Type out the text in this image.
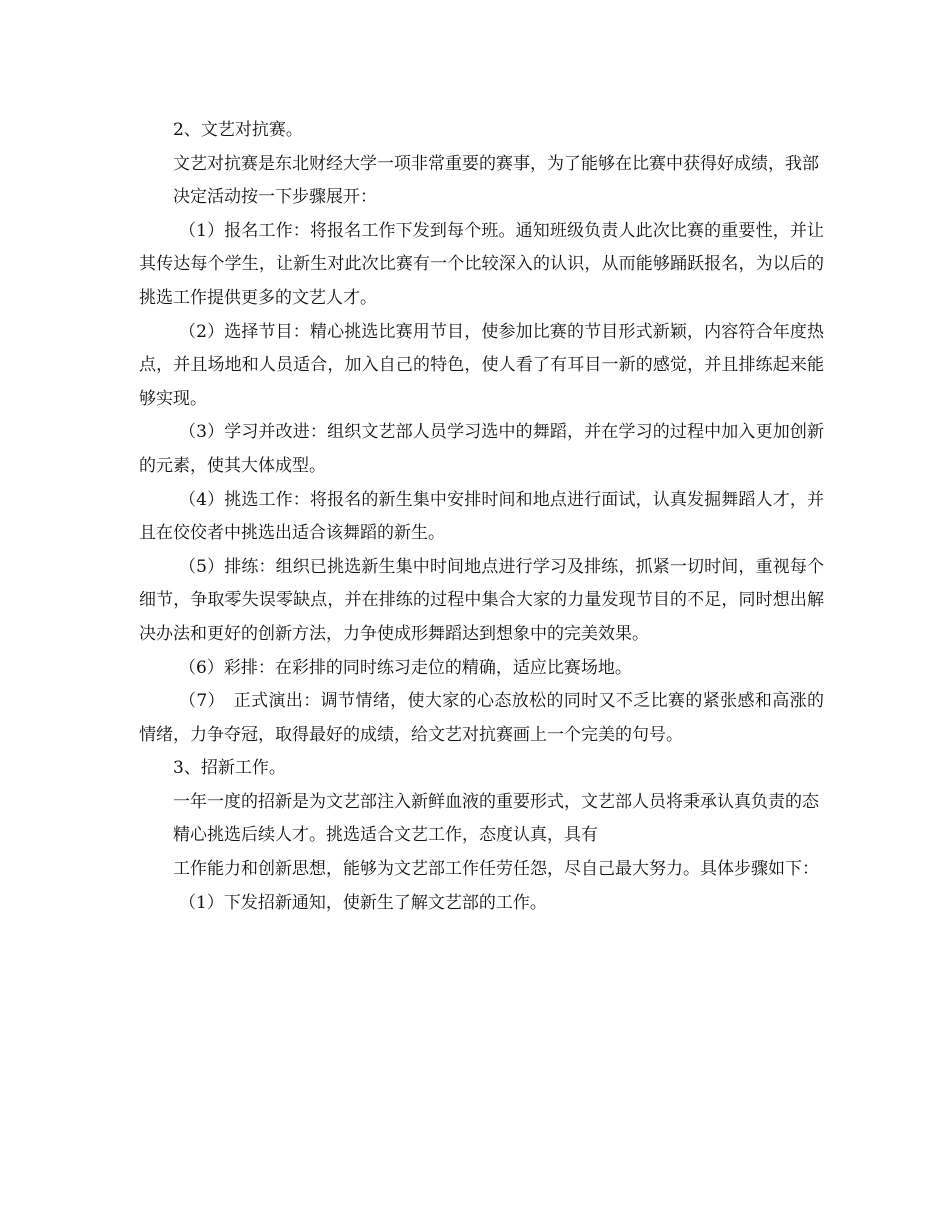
2、文艺对抗赛。

文艺对抗赛是东北财经大学一项非常重要的赛事，为了能够在比赛中获得好成绩，我部

决定活动按一下步骤展开：

（1）报名工作：将报名工作下发到每个班。通知班级负责人此次比赛的重要性，并让其传达每个学生，让新生对此次比赛有一个比较深入的认识，从而能够踊跃报名，为以后的挑选工作提供更多的文艺人才。

（2）选择节目：精心挑选比赛用节目，使参加比赛的节目形式新颖，内容符合年度热点，并且场地和人员适合，加入自己的特色，使人看了有耳目一新的感觉，并且排练起来能够实现。

（3）学习并改进：组织文艺部人员学习选中的舞蹈，并在学习的过程中加入更加创新的元素，使其大体成型。

（4）挑选工作：将报名的新生集中安排时间和地点进行面试，认真发掘舞蹈人才，并且在佼佼者中挑选出适合该舞蹈的新生。

（5）排练：组织已挑选新生集中时间地点进行学习及排练，抓紧一切时间，重视每个细节，争取零失误零缺点，并在排练的过程中集合大家的力量发现节目的不足，同时想出解决办法和更好的创新方法，力争使成形舞蹈达到想象中的完美效果。

（6）彩排：在彩排的同时练习走位的精确，适应比赛场地。

（7）　正式演出：调节情绪，使大家的心态放松的同时又不乏比赛的紧张感和高涨的情绪，力争夺冠，取得最好的成绩，给文艺对抗赛画上一个完美的句号。

3、招新工作。

一年一度的招新是为文艺部注入新鲜血液的重要形式，文艺部人员将秉承认真负责的态

精心挑选后续人才。挑选适合文艺工作，态度认真，具有

工作能力和创新思想，能够为文艺部工作任劳任怨，尽自己最大努力。具体步骤如下：

（1）下发招新通知，使新生了解文艺部的工作。
